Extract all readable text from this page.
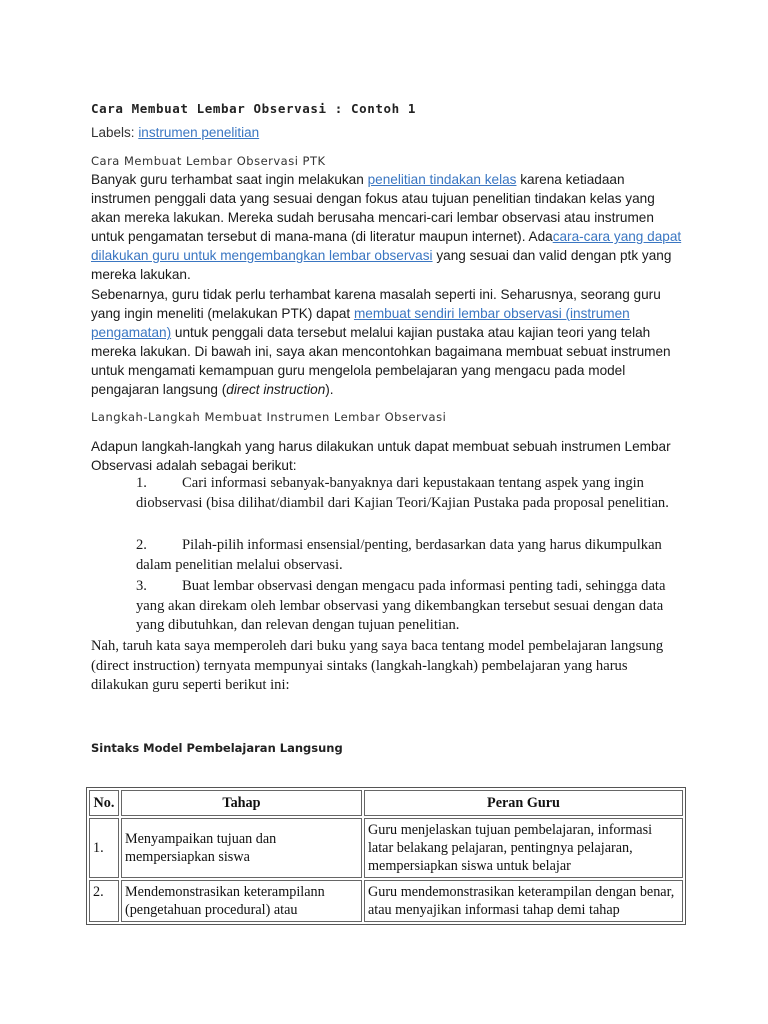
Cara Membuat Lembar Observasi : Contoh 1
Labels: instrumen penelitian
Cara Membuat Lembar Observasi PTK
Banyak guru terhambat saat ingin melakukan penelitian tindakan kelas karena ketiadaan instrumen penggali data yang sesuai dengan fokus atau tujuan penelitian tindakan kelas yang akan mereka lakukan. Mereka sudah berusaha mencari-cari lembar observasi atau instrumen untuk pengamatan tersebut di mana-mana (di literatur maupun internet). Adacara-cara yang dapat dilakukan guru untuk mengembangkan lembar observasi yang sesuai dan valid dengan ptk yang mereka lakukan.
Sebenarnya, guru tidak perlu terhambat karena masalah seperti ini. Seharusnya, seorang guru yang ingin meneliti (melakukan PTK) dapat membuat sendiri lembar observasi (instrumen pengamatan) untuk penggali data tersebut melalui kajian pustaka atau kajian teori yang telah mereka lakukan. Di bawah ini, saya akan mencontohkan bagaimana membuat sebuat instrumen untuk mengamati kemampuan guru mengelola pembelajaran yang mengacu pada model pengajaran langsung (direct instruction).
Langkah-Langkah Membuat Instrumen Lembar Observasi
Adapun langkah-langkah yang harus dilakukan untuk dapat membuat sebuah instrumen Lembar Observasi adalah sebagai berikut:
1. Cari informasi sebanyak-banyaknya dari kepustakaan tentang aspek yang ingin diobservasi (bisa dilihat/diambil dari Kajian Teori/Kajian Pustaka pada proposal penelitian.
2. Pilah-pilih informasi ensensial/penting, berdasarkan data yang harus dikumpulkan dalam penelitian melalui observasi.
3. Buat lembar observasi dengan mengacu pada informasi penting tadi, sehingga data yang akan direkam oleh lembar observasi yang dikembangkan tersebut sesuai dengan data yang dibutuhkan, dan relevan dengan tujuan penelitian.
Nah, taruh kata saya memperoleh dari buku yang saya baca tentang model pembelajaran langsung (direct instruction) ternyata mempunyai sintaks (langkah-langkah) pembelajaran yang harus dilakukan guru seperti berikut ini:
Sintaks Model Pembelajaran Langsung
No.	Tahap	Peran Guru
1.	Menyampaikan tujuan dan mempersiapkan siswa	Guru menjelaskan tujuan pembelajaran, informasi latar belakang pelajaran, pentingnya pelajaran, mempersiapkan siswa untuk belajar
2.	Mendemonstrasikan keterampilann (pengetahuan procedural) atau	Guru mendemonstrasikan keterampilan dengan benar, atau menyajikan informasi tahap demi tahap
